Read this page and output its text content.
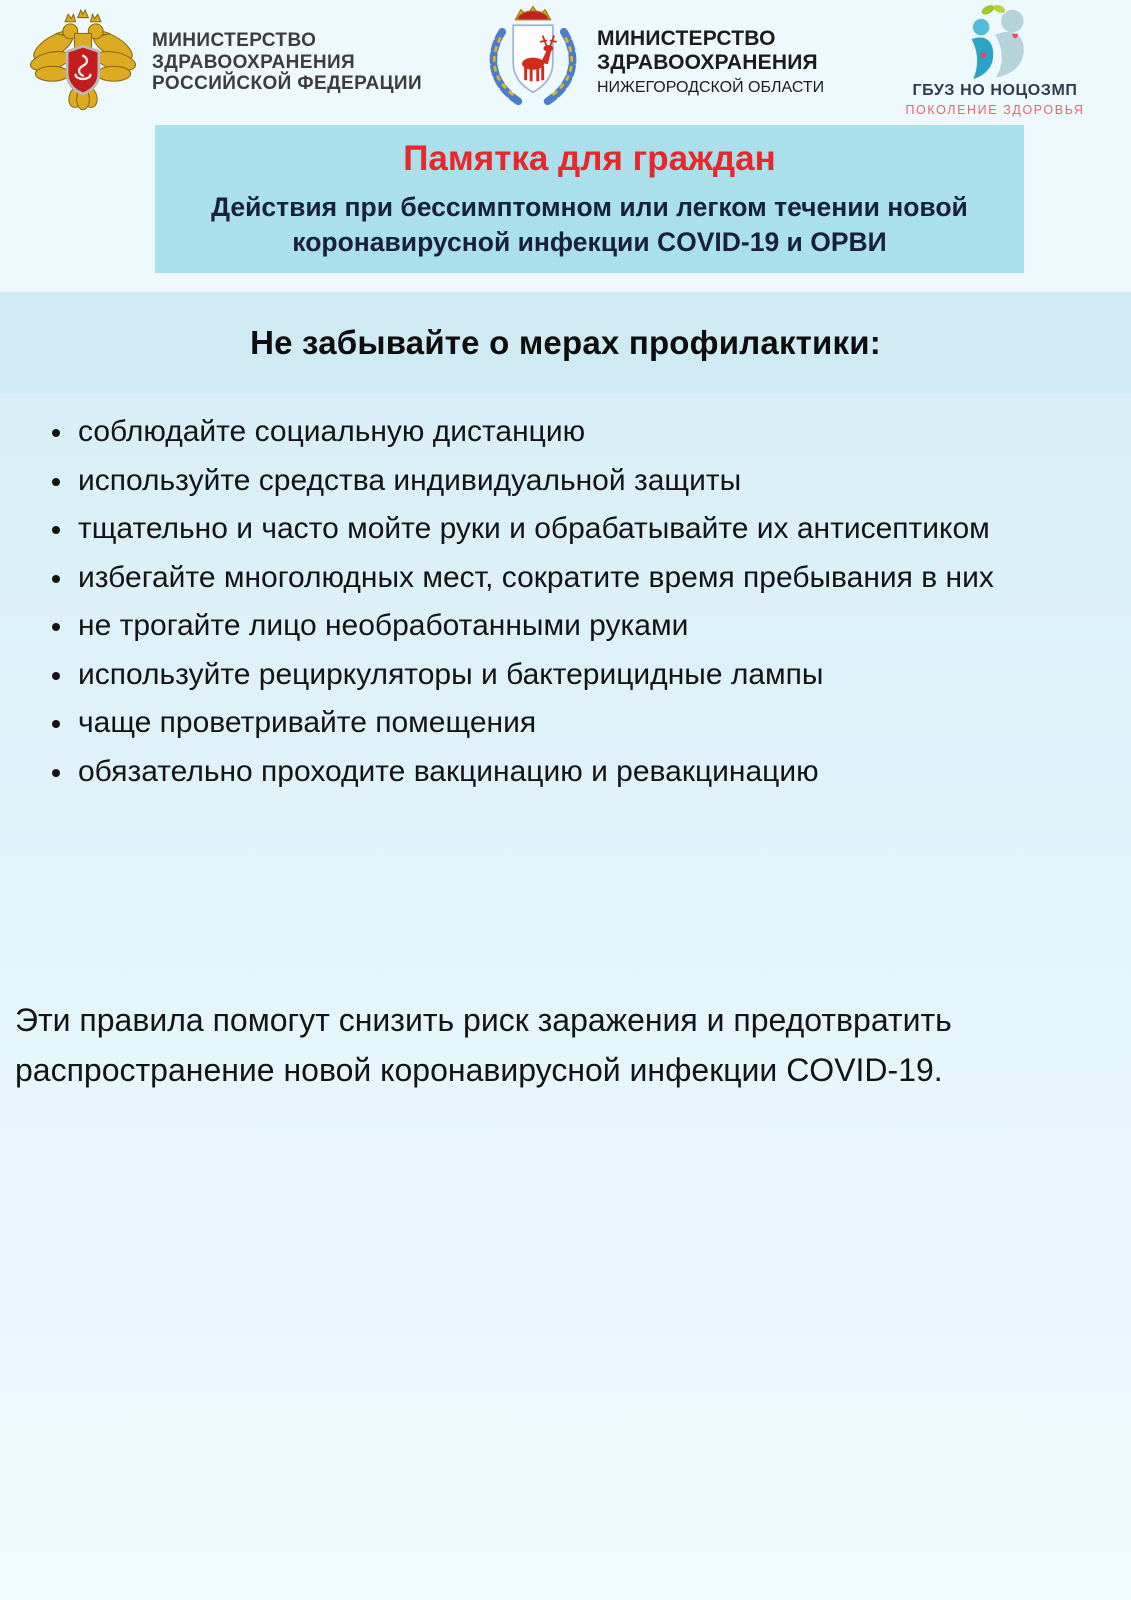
МИНИСТЕРСТВО
ЗДРАВООХРАНЕНИЯ
РОССИЙСКОЙ ФЕДЕРАЦИИ
МИНИСТЕРСТВО
ЗДРАВООХРАНЕНИЯ
НИЖЕГОРОДСКОЙ ОБЛАСТИ	ГБУЗ НО НОЦОЗМП
ПОКОЛЕНИЕ ЗДОРОВЬЯ
Памятка для граждан
Действия при бессимптомном или легком течении новой коронавирусной инфекции COVID-19 и ОРВИ
Не забывайте о мерах профилактики:
соблюдайте социальную дистанцию
используйте средства индивидуальной защиты
тщательно и часто мойте руки и обрабатывайте их антисептиком
избегайте многолюдных мест, сократите время пребывания в них
не трогайте лицо необработанными руками
используйте рециркуляторы и бактерицидные лампы
чаще проветривайте помещения
обязательно проходите вакцинацию и ревакцинацию
Эти правила помогут снизить риск заражения и предотвратить распространение новой коронавирусной инфекции COVID-19.
